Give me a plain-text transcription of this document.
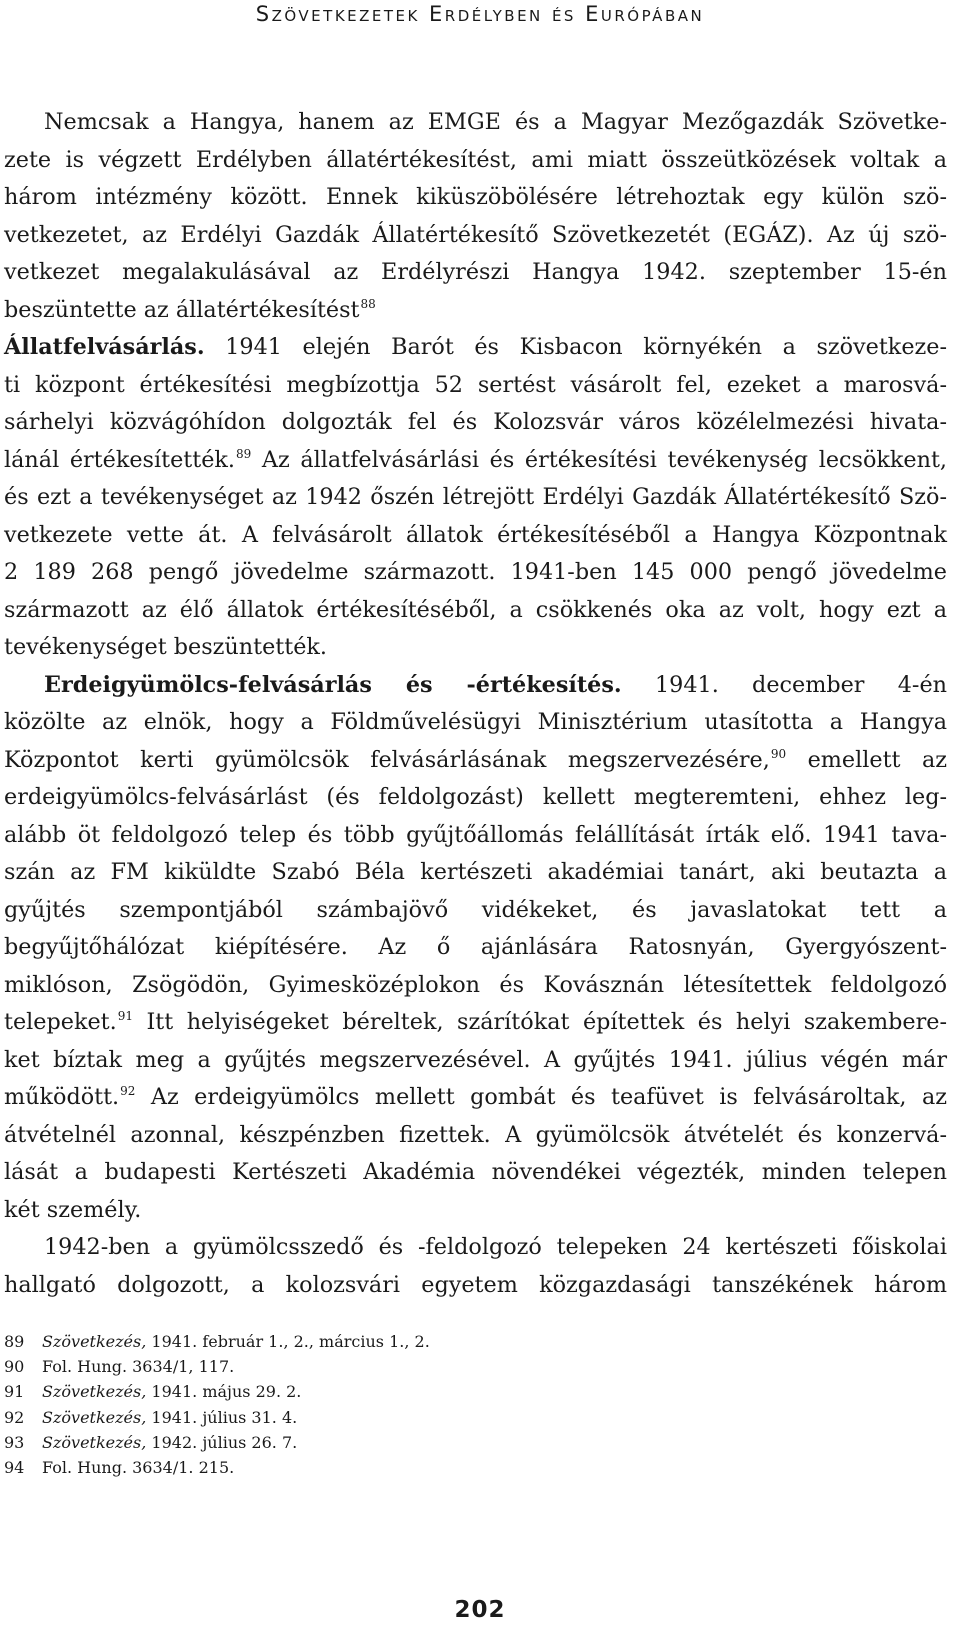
Szövetkezetek Erdélyben és Európában
Nemcsak a Hangya, hanem az EMGE és a Magyar Mezőgazdák Szövetke-
zete is végzett Erdélyben állatértékesítést, ami miatt összeütközések voltak a
három intézmény között. Ennek kiküszöbölésére létrehoztak egy külön szö-
vetkezetet, az Erdélyi Gazdák Állatértékesítő Szövetkezetét (EGÁZ). Az új szö-
vetkezet megalakulásával az Erdélyrészi Hangya 1942. szeptember 15-én
beszüntette az állatértékesítést$^{88}$
Állatfelvásárlás. 1941 elején Barót és Kisbacon környékén a szövetkeze-
ti központ értékesítési megbízottja 52 sertést vásárolt fel, ezeket a marosvá-
sárhelyi közvágóhídon dolgozták fel és Kolozsvár város közélelmezési hivata-
lánál értékesítették.$^{89}$ Az állatfelvásárlási és értékesítési tevékenység lecsökkent,
és ezt a tevékenységet az 1942 őszén létrejött Erdélyi Gazdák Állatértékesítő Szö-
vetkezete vette át. A felvásárolt állatok értékesítéséből a Hangya Központnak
2 189 268 pengő jövedelme származott. 1941-ben 145 000 pengő jövedelme
származott az élő állatok értékesítéséből, a csökkenés oka az volt, hogy ezt a
tevékenységet beszüntették.
Erdeigyümölcs-felvásárlás és -értékesítés. 1941. december 4-én
közölte az elnök, hogy a Földművelésügyi Minisztérium utasította a Hangya
Központot kerti gyümölcsök felvásárlásának megszervezésére,$^{90}$ emellett az
erdeigyümölcs-felvásárlást (és feldolgozást) kellett megteremteni, ehhez leg-
alább öt feldolgozó telep és több gyűjtőállomás felállítását írták elő. 1941 tava-
szán az FM kiküldte Szabó Béla kertészeti akadémiai tanárt, aki beutazta a
gyűjtés szempontjából számbajövő vidékeket, és javaslatokat tett a
begyűjtőhálózat kiépítésére. Az ő ajánlására Ratosnyán, Gyergyószent-
miklóson, Zsögödön, Gyimesközéplokon és Kovásznán létesítettek feldolgozó
telepeket.$^{91}$ Itt helyiségeket béreltek, szárítókat építettek és helyi szakembere-
ket bíztak meg a gyűjtés megszervezésével. A gyűjtés 1941. július végén már
működött.$^{92}$ Az erdeigyümölcs mellett gombát és teafüvet is felvásároltak, az
átvételnél azonnal, készpénzben fizettek. A gyümölcsök átvételét és konzervá-
lását a budapesti Kertészeti Akadémia növendékei végezték, minden telepen
két személy.
1942-ben a gyümölcsszedő és -feldolgozó telepeken 24 kertészeti főiskolai
hallgató dolgozott, a kolozsvári egyetem közgazdasági tanszékének három
89 Szövetkezés, 1941. február 1., 2., március 1., 2.
90 Fol. Hung. 3634/1, 117.
91 Szövetkezés, 1941. május 29. 2.
92 Szövetkezés, 1941. július 31. 4.
93 Szövetkezés, 1942. július 26. 7.
94 Fol. Hung. 3634/1. 215.
202
